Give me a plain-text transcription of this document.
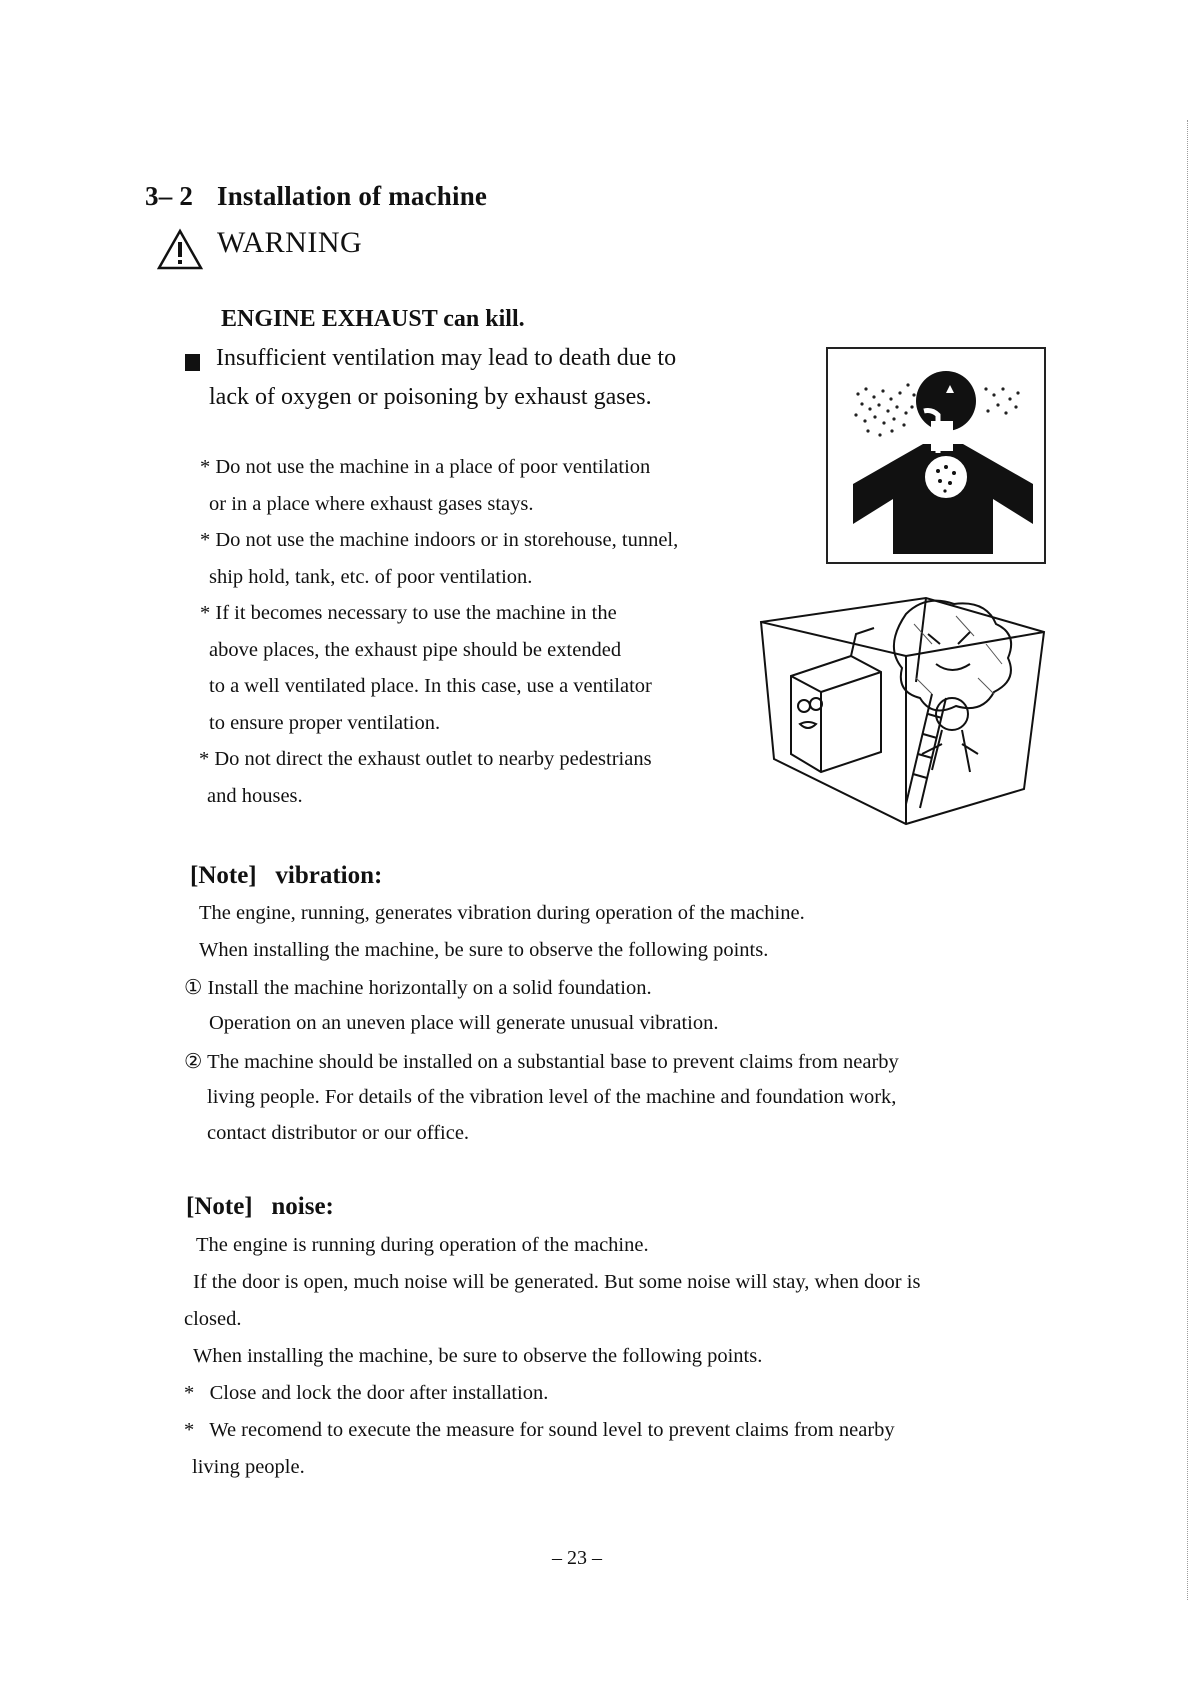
3– 2 Installation of machine
WARNING
ENGINE EXHAUST can kill.
Insufficient ventilation may lead to death due to
lack of oxygen or poisoning by exhaust gases.
* Do not use the machine in a place of poor ventilation
or in a place where exhaust gases stays.
* Do not use the machine indoors or in storehouse, tunnel,
ship hold, tank, etc. of poor ventilation.
* If it becomes necessary to use the machine in the
above places, the exhaust pipe should be extended
to a well ventilated place. In this case, use a ventilator
to ensure proper ventilation.
* Do not direct the exhaust outlet to nearby pedestrians
and houses.
[Note]   vibration:
The engine, running, generates vibration during operation of the machine.
When installing the machine, be sure to observe the following points.
① Install the machine horizontally on a solid foundation.
Operation on an uneven place will generate unusual vibration.
② The machine should be installed on a substantial base to prevent claims from nearby
living people. For details of the vibration level of the machine and foundation work,
contact distributor or our office.
[Note]   noise:
The engine is running during operation of the machine.
If the door is open, much noise will be generated. But some noise will stay, when door is
closed.
When installing the machine, be sure to observe the following points.
*   Close and lock the door after installation.
*   We recomend to execute the measure for sound level to prevent claims from nearby
living people.
– 23 –
